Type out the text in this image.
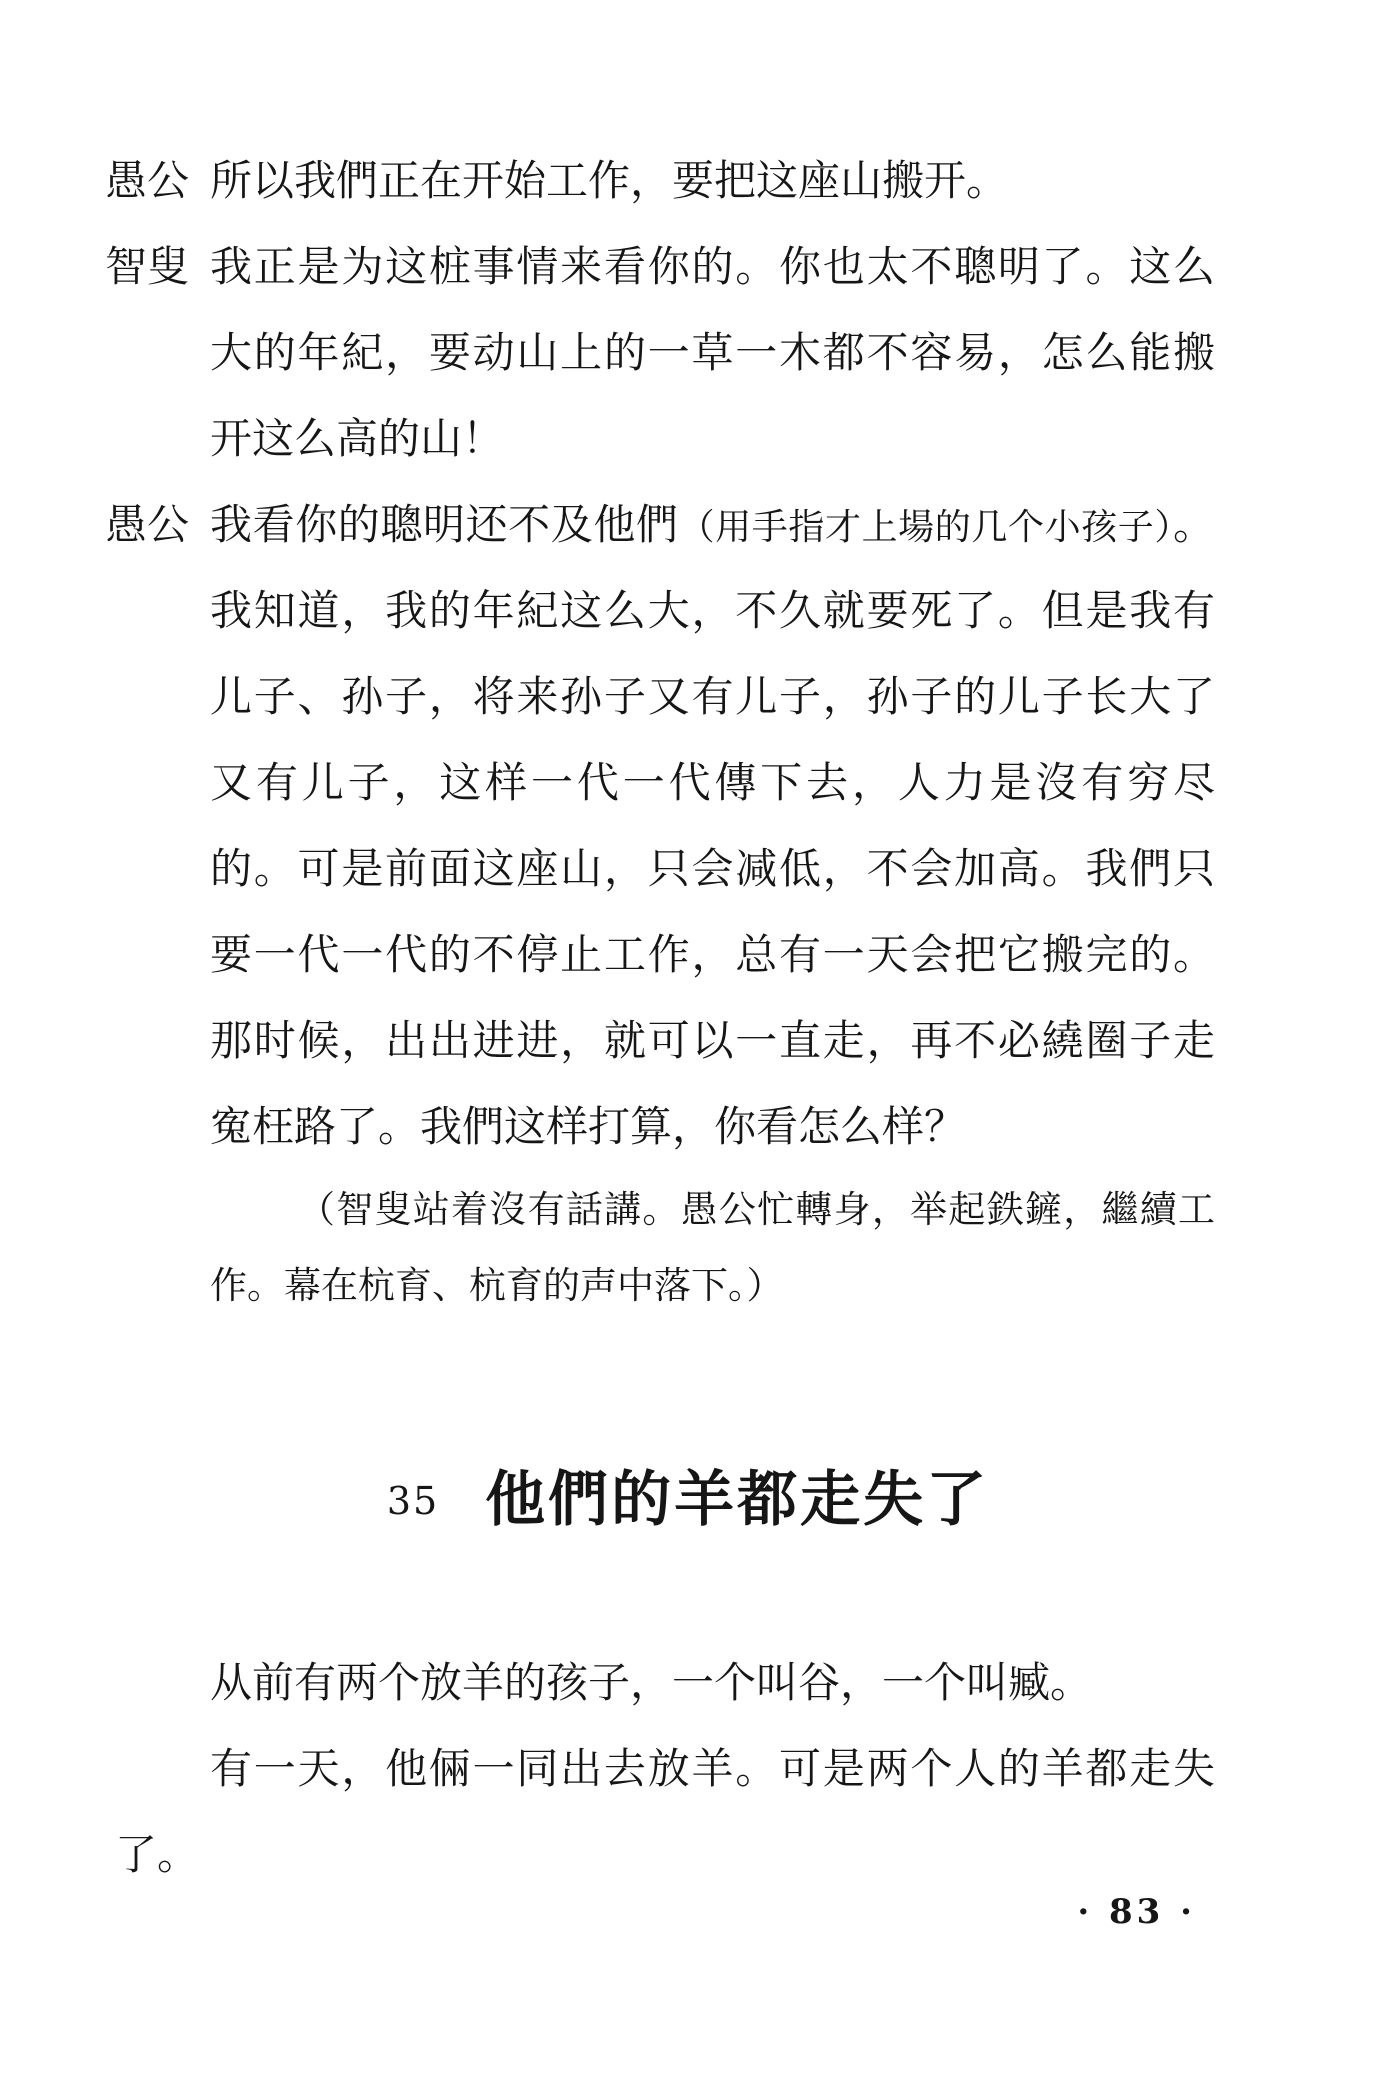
愚公 所以我們正在开始工作，要把这座山搬开。
智叟 我正是为这桩事情来看你的。你也太不聰明了。这么大的年紀，要动山上的一草一木都不容易，怎么能搬开这么高的山！
愚公 我看你的聰明还不及他們（用手指才上場的几个小孩子）。我知道，我的年紀这么大，不久就要死了。但是我有儿子、孙子，将来孙子又有儿子，孙子的儿子长大了又有儿子，这样一代一代傳下去，人力是沒有穷尽的。可是前面这座山，只会减低，不会加高。我們只要一代一代的不停止工作，总有一天会把它搬完的。那时候，出出进进，就可以一直走，再不必繞圈子走寃枉路了。我們这样打算，你看怎么样？
（智叟站着沒有話講。愚公忙轉身，举起鉄鏟，繼續工作。幕在杭育、杭育的声中落下。）
35 他們的羊都走失了

从前有两个放羊的孩子，一个叫谷，一个叫臧。

有一天，他倆一同出去放羊。可是两个人的羊都走失了。

· 83 ·
